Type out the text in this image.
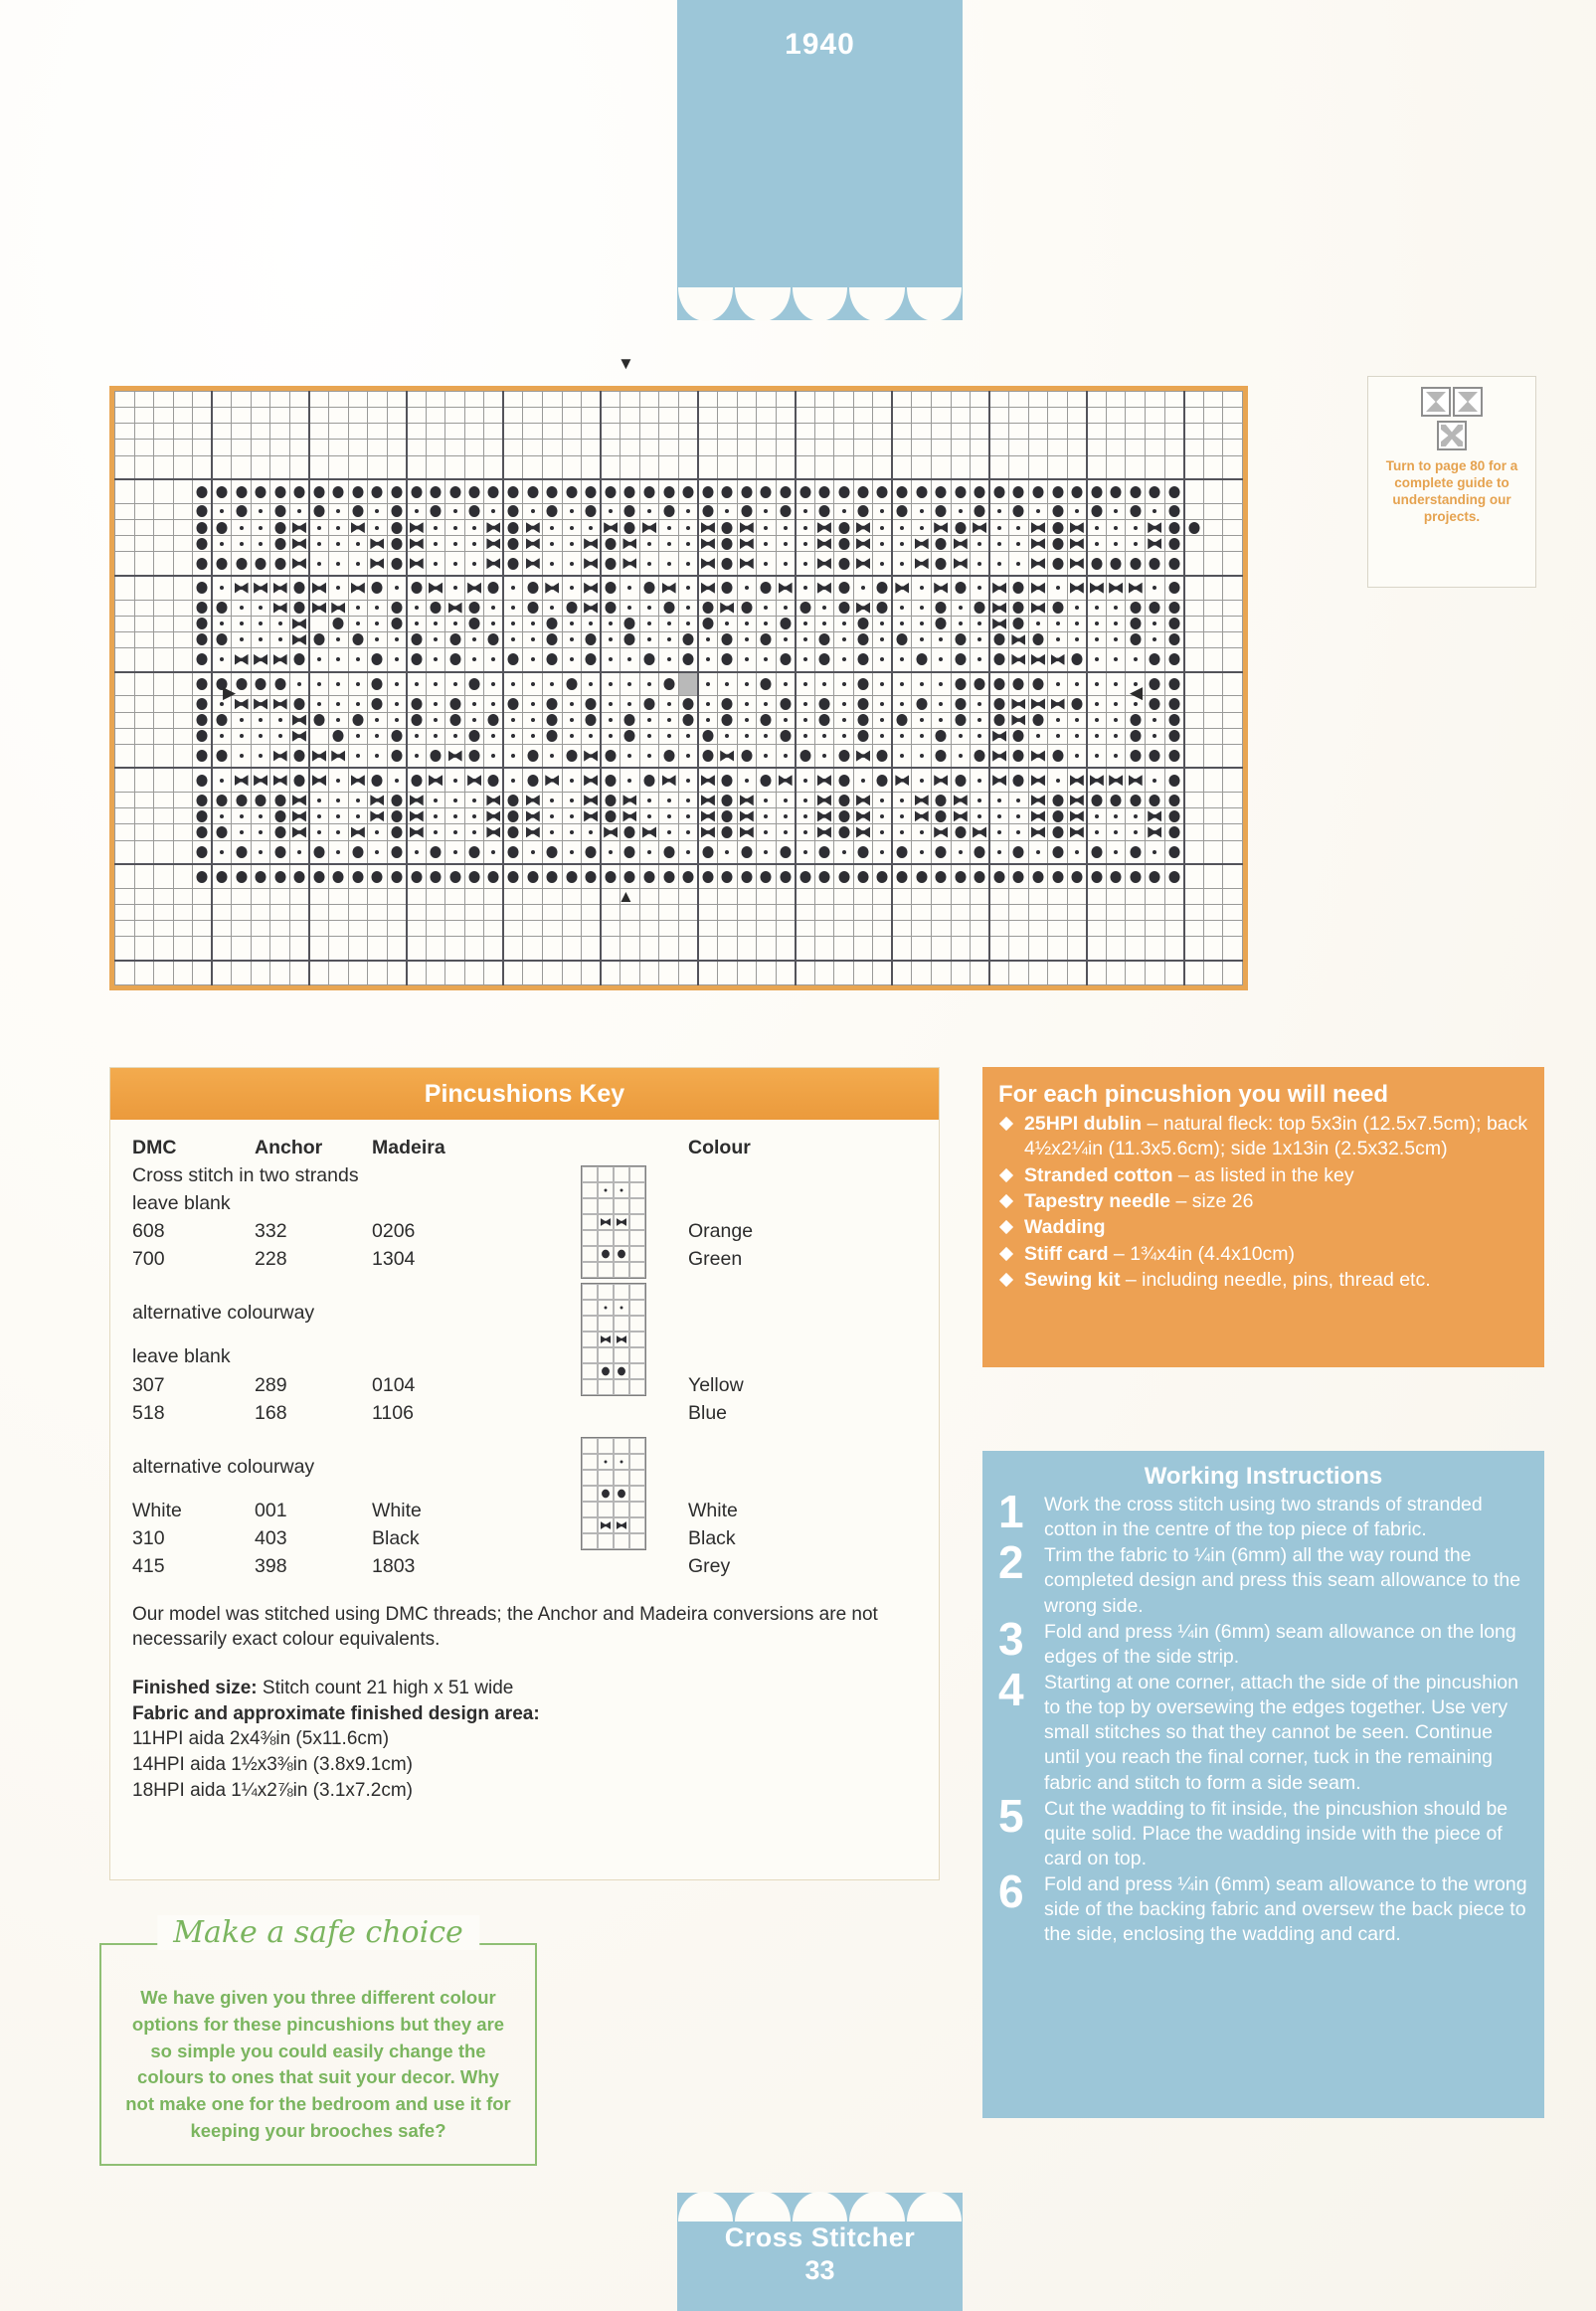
1940

▼
▲
▶	◀
Turn to page 80 for a complete guide to understanding our projects.
Pincushions Key
DMC	Anchor	Madeira	Colour
Cross stitch in two strands
leave blank
608	332	0206	Orange
700	228	1304	Green
alternative colourway
leave blank
307	289	0104	Yellow
518	168	1106	Blue
alternative colourway
White	001	White	White
310	403	Black	Black
415	398	1803	Grey
Our model was stitched using DMC threads; the Anchor and Madeira conversions are not necessarily exact colour equivalents.
Finished size: Stitch count 21 high x 51 wide
Fabric and approximate finished design area:
11HPI aida 2x4⅜in (5x11.6cm)
14HPI aida 1½x3⅜in (3.8x9.1cm)
18HPI aida 1¼x2⅞in (3.1x7.2cm)
For each pincushion you will need
25HPI dublin – natural fleck: top 5x3in (12.5x7.5cm); back 4½x2¼in (11.3x5.6cm); side 1x13in (2.5x32.5cm)
Stranded cotton – as listed in the key
Tapestry needle – size 26
Wadding
Stiff card – 1¾x4in (4.4x10cm)
Sewing kit – including needle, pins, thread etc.
Working Instructions
1 Work the cross stitch using two strands of stranded cotton in the centre of the top piece of fabric.
2 Trim the fabric to ¼in (6mm) all the way round the completed design and press this seam allowance to the wrong side.
3 Fold and press ¼in (6mm) seam allowance on the long edges of the side strip.
4 Starting at one corner, attach the side of the pincushion to the top by oversewing the edges together. Use very small stitches so that they cannot be seen. Continue until you reach the final corner, tuck in the remaining fabric and stitch to form a side seam.
5 Cut the wadding to fit inside, the pincushion should be quite solid. Place the wadding inside with the piece of card on top.
6 Fold and press ¼in (6mm) seam allowance to the wrong side of the backing fabric and oversew the back piece to the side, enclosing the wadding and card.
Make a safe choice
We have given you three different colour options for these pincushions but they are so simple you could easily change the colours to ones that suit your decor. Why not make one for the bedroom and use it for keeping your brooches safe?
Cross Stitcher
33
